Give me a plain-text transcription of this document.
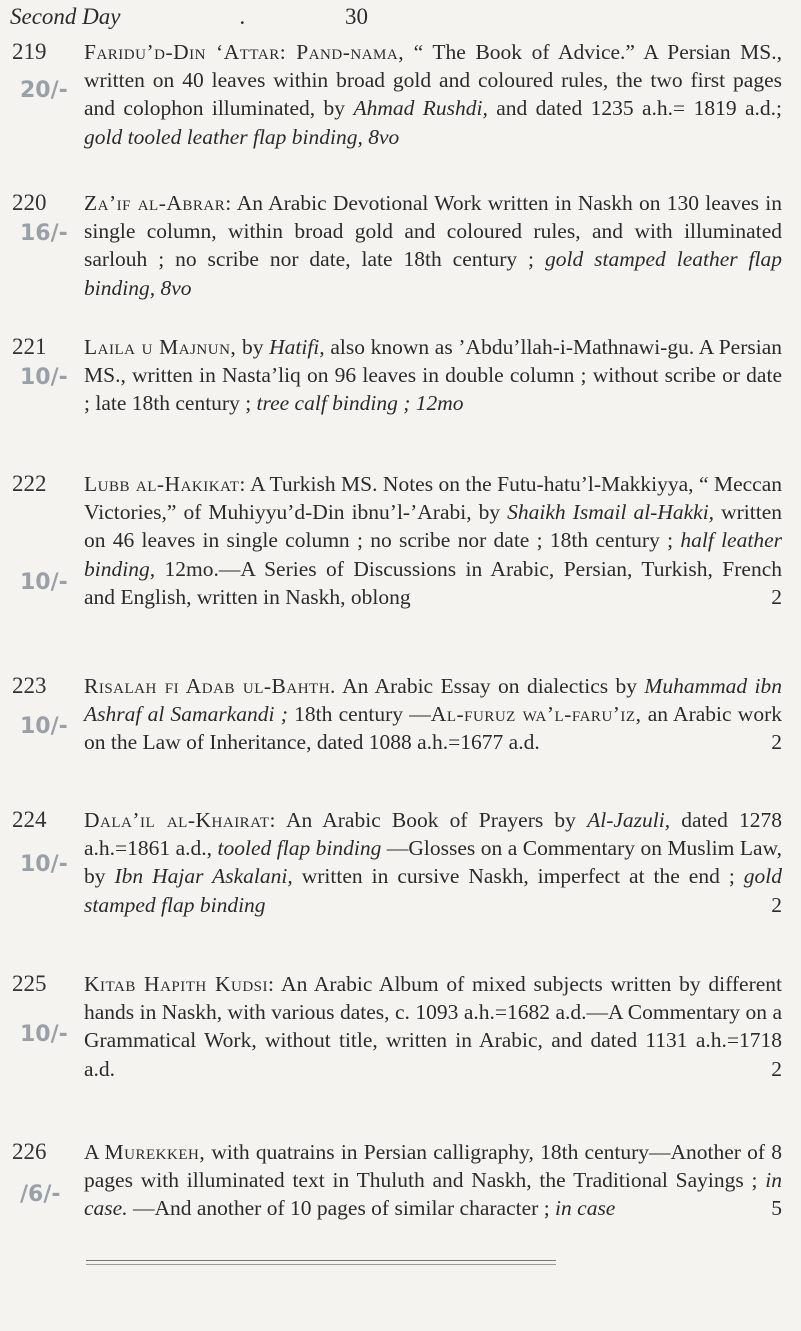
Second Day	.	30
219
20/-
Faridu’d-Din ‘Attar: Pand-nama, “ The Book of Advice.” A Persian MS., written on 40 leaves within broad gold and coloured rules, the two first pages and colophon illuminated, by Ahmad Rushdi, and dated 1235 a.h.= 1819 a.d.; gold tooled leather flap binding, 8vo
220
16/-
Za’if al-Abrar: An Arabic Devotional Work written in Naskh on 130 leaves in single column, within broad gold and coloured rules, and with illuminated sarlouh ; no scribe nor date, late 18th century ; gold stamped leather flap binding, 8vo
221
10/-
Laila u Majnun, by Hatifi, also known as ’Abdu’llah-i-Mathnawi-gu. A Persian MS., written in Nasta’liq on 96 leaves in double column ; without scribe or date ; late 18th century ; tree calf binding ; 12mo
222
10/-
Lubb al-Hakikat: A Turkish MS. Notes on the Futu-hatu’l-Makkiyya, “ Meccan Victories,” of Muhiyyu’d-Din ibnu’l-’Arabi, by Shaikh Ismail al-Hakki, written on 46 leaves in single column ; no scribe nor date ; 18th century ; half leather binding, 12mo.—A Series of Discussions in Arabic, Persian, Turkish, French and English, written in Naskh, oblong	2
223
10/-
Risalah fi Adab ul-Bahth. An Arabic Essay on dialectics by Muhammad ibn Ashraf al Samarkandi ; 18th century —Al-furuz wa’l-faru’iz, an Arabic work on the Law of Inheritance, dated 1088 a.h.=1677 a.d.	2
224
10/-
Dala’il al-Khairat: An Arabic Book of Prayers by Al-Jazuli, dated 1278 a.h.=1861 a.d., tooled flap binding —Glosses on a Commentary on Muslim Law, by Ibn Hajar Askalani, written in cursive Naskh, imperfect at the end ; gold stamped flap binding	2
225
10/-
Kitab Hapith Kudsi: An Arabic Album of mixed subjects written by different hands in Naskh, with various dates, c. 1093 a.h.=1682 a.d.—A Commentary on a Grammatical Work, without title, written in Arabic, and dated 1131 a.h.=1718 a.d.	2
226
/6/-
A Murekkeh, with quatrains in Persian calligraphy, 18th century—Another of 8 pages with illuminated text in Thuluth and Naskh, the Traditional Sayings ; in case. —And another of 10 pages of similar character ; in case	5
